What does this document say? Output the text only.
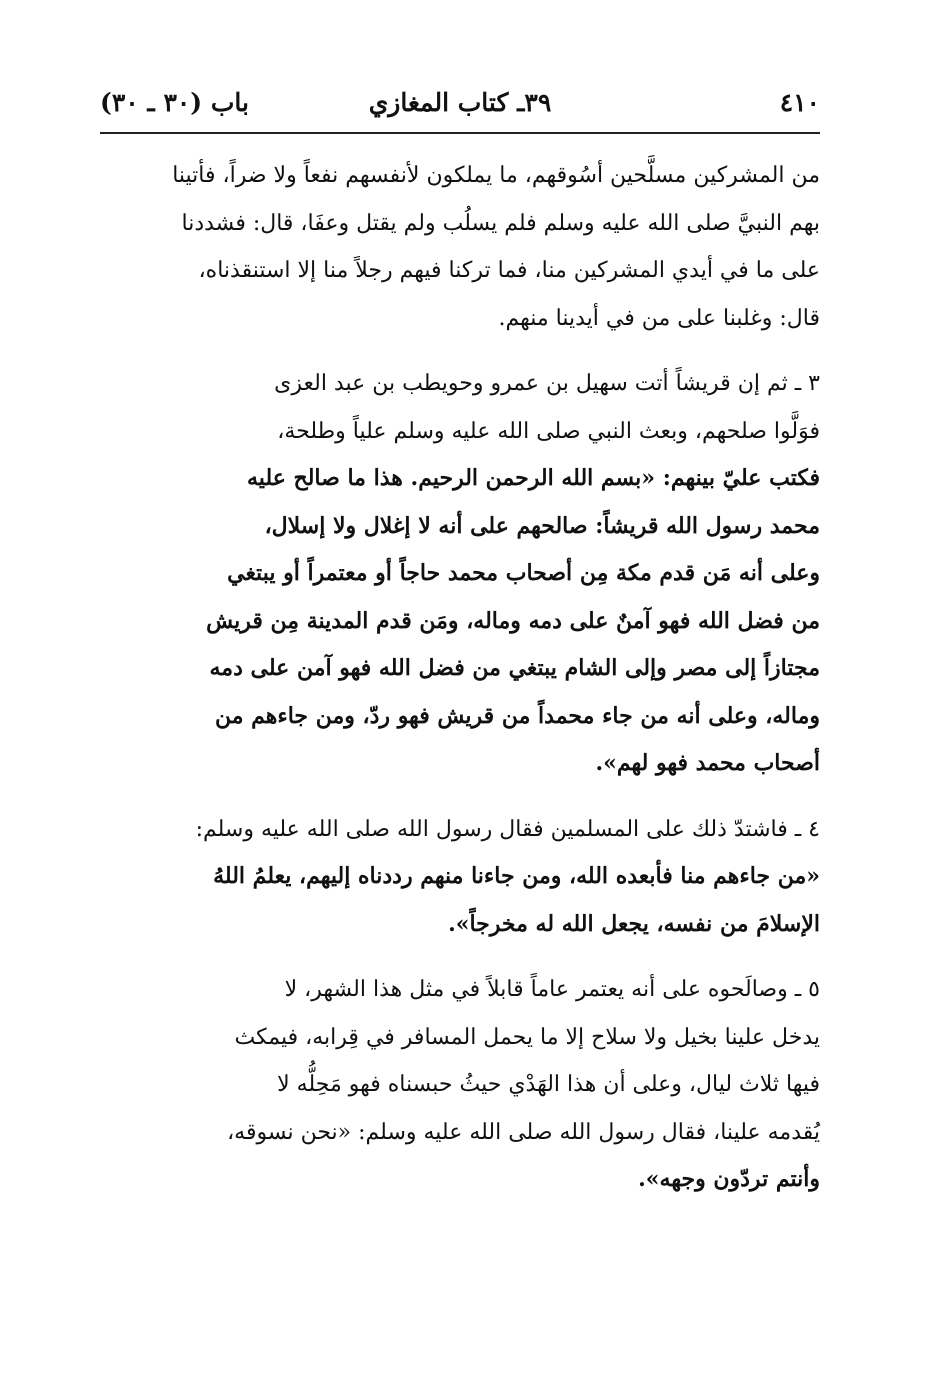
٤١٠
٣٩ـ كتاب المغازي
باب (٣٠ ـ ٣٠)
من المشركين مسلَّحين أسُوقهم، ما يملكون لأنفسهم نفعاً ولا ضراً، فأتينا
بهم النبيَّ صلى الله عليه وسلم فلم يسلُب ولم يقتل وعفَا، قال: فشددنا
على ما في أيدي المشركين منا، فما تركنا فيهم رجلاً منا إلا استنقذناه،
قال: وغلبنا على من في أيدينا منهم.
٣ ـ ثم إن قريشاً أتت سهيل بن عمرو وحويطب بن عبد العزى
فوَلَّوا صلحهم، وبعث النبي صلى الله عليه وسلم علياً وطلحة،
فكتب عليّ بينهم: «بسم الله الرحمن الرحيم. هذا ما صالح عليه
محمد رسول الله قريشاً: صالحهم على أنه لا إغلال ولا إسلال،
وعلى أنه مَن قدم مكة مِن أصحاب محمد حاجاً أو معتمراً أو يبتغي
من فضل الله فهو آمنٌ على دمه وماله، ومَن قدم المدينة مِن قريش
مجتازاً إلى مصر وإلى الشام يبتغي من فضل الله فهو آمن على دمه
وماله، وعلى أنه من جاء محمداً من قريش فهو ردّ، ومن جاءهم من
أصحاب محمد فهو لهم».
٤ ـ فاشتدّ ذلك على المسلمين فقال رسول الله صلى الله عليه وسلم:
«من جاءهم منا فأبعده الله، ومن جاءنا منهم رددناه إليهم، يعلمُ اللهُ
الإسلامَ من نفسه، يجعل الله له مخرجاً».
٥ ـ وصالَحوه على أنه يعتمر عاماً قابلاً في مثل هذا الشهر، لا
يدخل علينا بخيل ولا سلاح إلا ما يحمل المسافر في قِرابه، فيمكث
فيها ثلاث ليال، وعلى أن هذا الهَدْي حيثُ حبسناه فهو مَحِلُّه لا
يُقدمه علينا، فقال رسول الله صلى الله عليه وسلم: «نحن نسوقه،
وأنتم تردّون وجهه».
